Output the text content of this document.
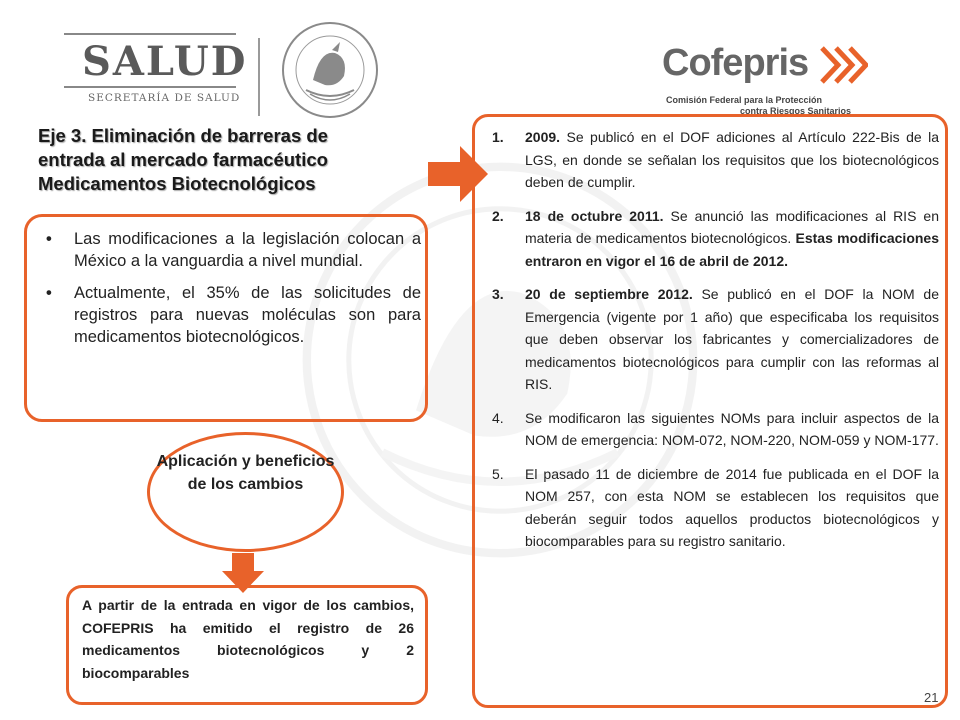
SALUD
SECRETARÍA DE SALUD
Cofepris
Comisión Federal para la Protección
contra Riesgos Sanitarios
Eje 3. Eliminación de barreras de
entrada al mercado farmacéutico
Medicamentos Biotecnológicos
• Las modificaciones a la legislación colocan a México a la vanguardia a nivel mundial.
• Actualmente, el 35% de las solicitudes de registros para nuevas moléculas son para medicamentos biotecnológicos.
Aplicación y beneficios de los cambios
A partir de la entrada en vigor de los cambios, COFEPRIS ha emitido el registro de 26 medicamentos biotecnológicos y 2 biocomparables
1. 2009. Se publicó en el DOF adiciones al Artículo 222-Bis de la LGS, en donde se señalan los requisitos que los biotecnológicos deben de cumplir.
2. 18 de octubre 2011. Se anunció las modificaciones al RIS en materia de medicamentos biotecnológicos. Estas modificaciones entraron en vigor el 16 de abril de 2012.
3. 20 de septiembre 2012. Se publicó en el DOF la NOM de Emergencia (vigente por 1 año) que especificaba los requisitos que deben observar los fabricantes y comercializadores de medicamentos biotecnológicos para cumplir con las reformas al RIS.
4. Se modificaron las siguientes NOMs para incluir aspectos de la NOM de emergencia: NOM-072, NOM-220, NOM-059 y NOM-177.
5. El pasado 11 de diciembre de 2014 fue publicada en el DOF la NOM 257, con esta NOM se establecen los requisitos que deberán seguir todos aquellos productos biotecnológicos y biocomparables para su registro sanitario.
21
